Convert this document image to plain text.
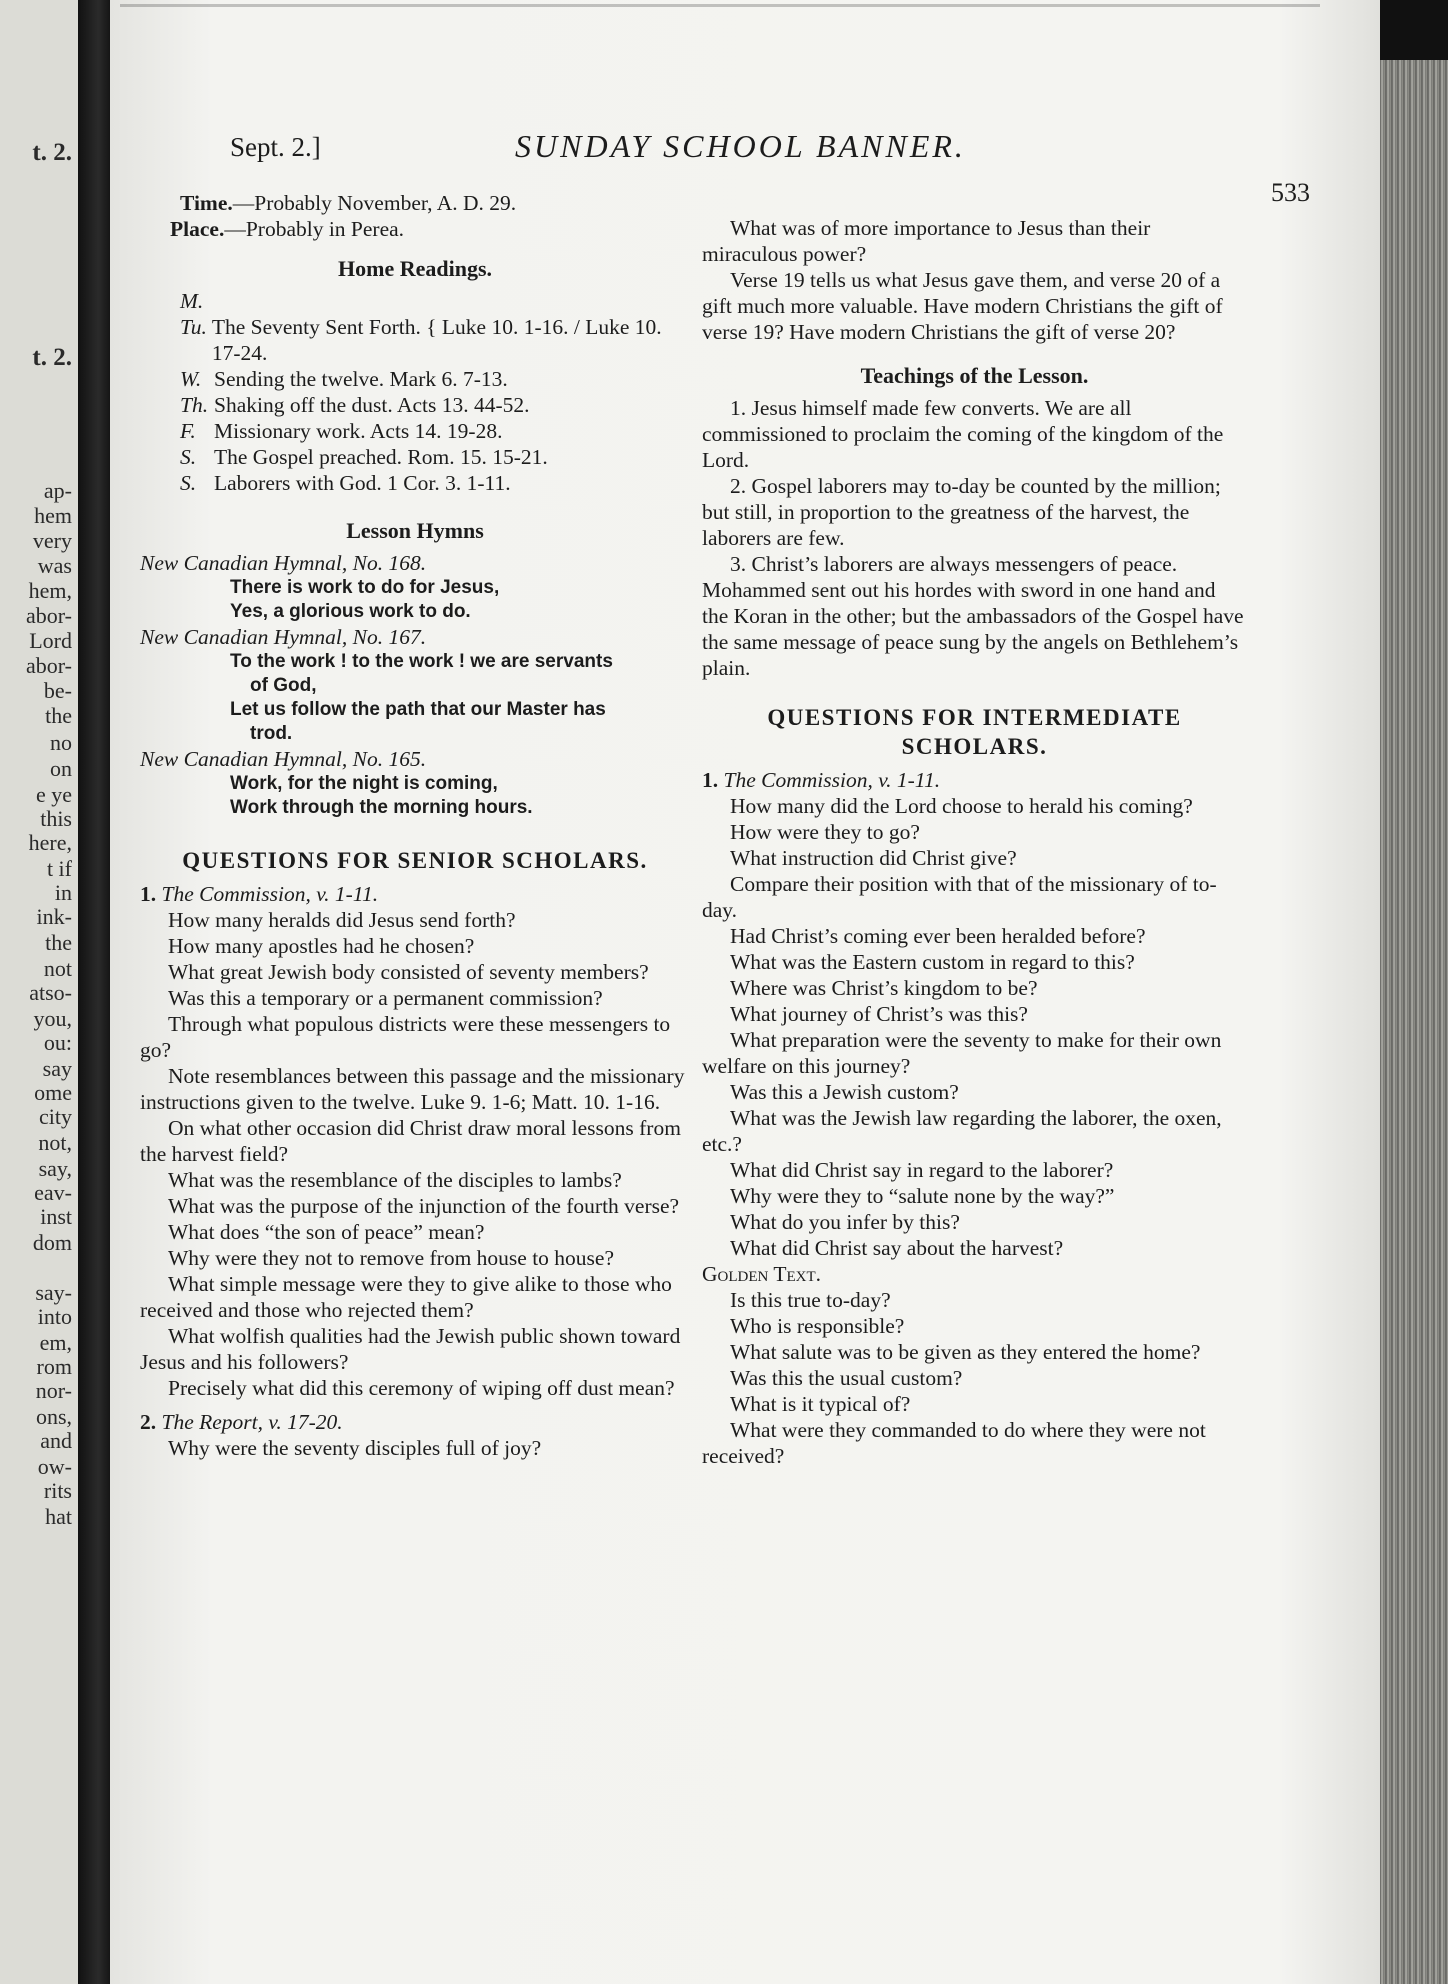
t. 2.
t. 2.
ap-
hem
very
was
hem,
abor-
Lord
abor-
be-
the
no
on
e ye
this
here,
t if
in
ink-
the
not
atso-
you,
ou:
say
ome
city
not,
say,
eav-
inst
dom
say-
into
em,
rom
nor-
ons,
and
ow-
rits
hat
Sept. 2.]	SUNDAY SCHOOL BANNER.
533

Time.—Probably November, A. D. 29.

Place.—Probably in Perea.

Home Readings.
M.
Tu. The Seventy Sent Forth. { Luke 10. 1-16. / Luke 10. 17-24.
W. Sending the twelve. Mark 6. 7-13.
Th. Shaking off the dust. Acts 13. 44-52.
F. Missionary work. Acts 14. 19-28.
S. The Gospel preached. Rom. 15. 15-21.
S. Laborers with God. 1 Cor. 3. 1-11.
Lesson Hymns

New Canadian Hymnal, No. 168.

There is work to do for Jesus,

Yes, a glorious work to do.

New Canadian Hymnal, No. 167.

To the work ! to the work ! we are servants

of God,

Let us follow the path that our Master has

trod.

New Canadian Hymnal, No. 165.

Work, for the night is coming,

Work through the morning hours.

QUESTIONS FOR SENIOR SCHOLARS.

1. The Commission, v. 1-11.

How many heralds did Jesus send forth?

How many apostles had he chosen?

What great Jewish body consisted of seventy members?

Was this a temporary or a permanent commission?

Through what populous districts were these messengers to go?

Note resemblances between this passage and the missionary instructions given to the twelve. Luke 9. 1-6; Matt. 10. 1-16.

On what other occasion did Christ draw moral lessons from the harvest field?

What was the resemblance of the disciples to lambs?

What was the purpose of the injunction of the fourth verse?

What does “the son of peace” mean?

Why were they not to remove from house to house?

What simple message were they to give alike to those who received and those who rejected them?

What wolfish qualities had the Jewish public shown toward Jesus and his followers?

Precisely what did this ceremony of wiping off dust mean?

2. The Report, v. 17-20.

Why were the seventy disciples full of joy?

What was of more importance to Jesus than their miraculous power?

Verse 19 tells us what Jesus gave them, and verse 20 of a gift much more valuable. Have modern Christians the gift of verse 19? Have modern Christians the gift of verse 20?

Teachings of the Lesson.

1. Jesus himself made few converts. We are all commissioned to proclaim the coming of the kingdom of the Lord.

2. Gospel laborers may to-day be counted by the million; but still, in proportion to the greatness of the harvest, the laborers are few.

3. Christ’s laborers are always messengers of peace. Mohammed sent out his hordes with sword in one hand and the Koran in the other; but the ambassadors of the Gospel have the same message of peace sung by the angels on Bethlehem’s plain.

QUESTIONS FOR INTERMEDIATE SCHOLARS.

1. The Commission, v. 1-11.

How many did the Lord choose to herald his coming?

How were they to go?

What instruction did Christ give?

Compare their position with that of the missionary of to-day.

Had Christ’s coming ever been heralded before?

What was the Eastern custom in regard to this?

Where was Christ’s kingdom to be?

What journey of Christ’s was this?

What preparation were the seventy to make for their own welfare on this journey?

Was this a Jewish custom?

What was the Jewish law regarding the laborer, the oxen, etc.?

What did Christ say in regard to the laborer?

Why were they to “salute none by the way?”

What do you infer by this?

What did Christ say about the harvest?

Golden Text.

Is this true to-day?

Who is responsible?

What salute was to be given as they entered the home?

Was this the usual custom?

What is it typical of?

What were they commanded to do where they were not received?
